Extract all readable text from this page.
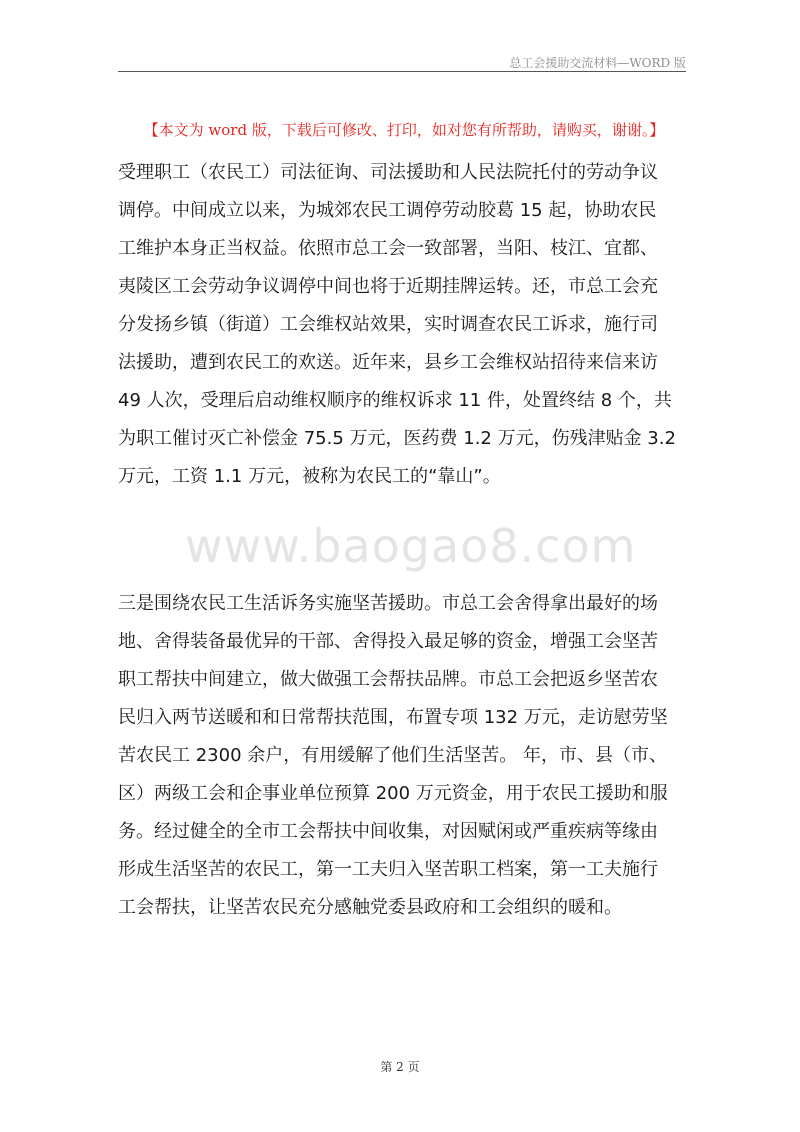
总工会援助交流材料—WORD 版
【本文为 word 版，下载后可修改、打印，如对您有所帮助，请购买，谢谢。】
受理职工（农民工）司法征询、司法援助和人民法院托付的劳动争议
调停。中间成立以来，为城郊农民工调停劳动胶葛 15 起，协助农民
工维护本身正当权益。依照市总工会一致部署，当阳、枝江、宜都、
夷陵区工会劳动争议调停中间也将于近期挂牌运转。还，市总工会充
分发扬乡镇（街道）工会维权站效果，实时调查农民工诉求，施行司
法援助，遭到农民工的欢送。近年来，县乡工会维权站招待来信来访
49 人次，受理后启动维权顺序的维权诉求 11 件，处置终结 8 个，共
为职工催讨灭亡补偿金 75.5 万元，医药费 1.2 万元，伤残津贴金 3.2
万元，工资 1.1 万元，被称为农民工的“靠山”。
www.baogao8.com
三是围绕农民工生活诉务实施坚苦援助。市总工会舍得拿出最好的场
地、舍得装备最优异的干部、舍得投入最足够的资金，增强工会坚苦
职工帮扶中间建立，做大做强工会帮扶品牌。市总工会把返乡坚苦农
民归入两节送暖和和日常帮扶范围，布置专项 132 万元，走访慰劳坚
苦农民工 2300 余户，有用缓解了他们生活坚苦。 年，市、县（市、
区）两级工会和企事业单位预算 200 万元资金，用于农民工援助和服
务。经过健全的全市工会帮扶中间收集，对因赋闲或严重疾病等缘由
形成生活坚苦的农民工，第一工夫归入坚苦职工档案，第一工夫施行
工会帮扶，让坚苦农民充分感触党委县政府和工会组织的暖和。
第 2 页
